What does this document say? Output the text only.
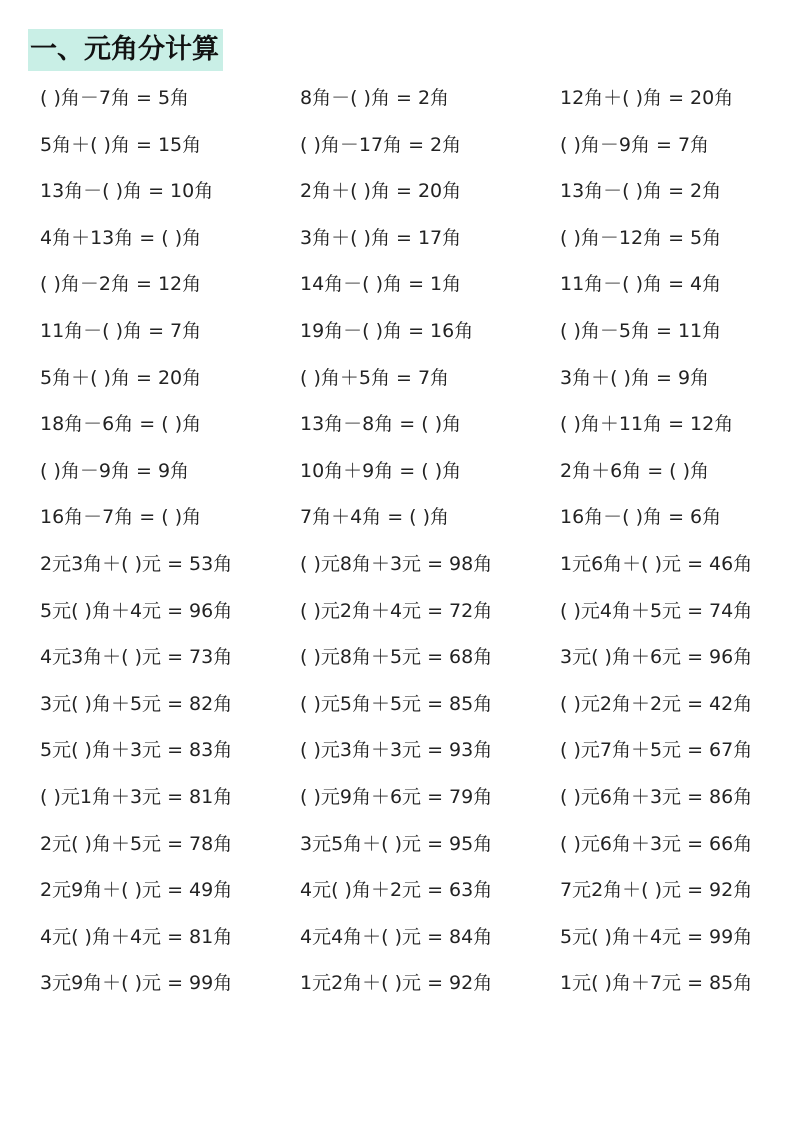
一、元角分计算
( )角－7角 = 5角	8角－( )角 = 2角	12角＋( )角 = 20角
5角＋( )角 = 15角	( )角－17角 = 2角	( )角－9角 = 7角
13角－( )角 = 10角	2角＋( )角 = 20角	13角－( )角 = 2角
4角＋13角 = ( )角	3角＋( )角 = 17角	( )角－12角 = 5角
( )角－2角 = 12角	14角－( )角 = 1角	11角－( )角 = 4角
11角－( )角 = 7角	19角－( )角 = 16角	( )角－5角 = 11角
5角＋( )角 = 20角	( )角＋5角 = 7角	3角＋( )角 = 9角
18角－6角 = ( )角	13角－8角 = ( )角	( )角＋11角 = 12角
( )角－9角 = 9角	10角＋9角 = ( )角	2角＋6角 = ( )角
16角－7角 = ( )角	7角＋4角 = ( )角	16角－( )角 = 6角
2元3角＋( )元 = 53角	( )元8角＋3元 = 98角	1元6角＋( )元 = 46角
5元( )角＋4元 = 96角	( )元2角＋4元 = 72角	( )元4角＋5元 = 74角
4元3角＋( )元 = 73角	( )元8角＋5元 = 68角	3元( )角＋6元 = 96角
3元( )角＋5元 = 82角	( )元5角＋5元 = 85角	( )元2角＋2元 = 42角
5元( )角＋3元 = 83角	( )元3角＋3元 = 93角	( )元7角＋5元 = 67角
( )元1角＋3元 = 81角	( )元9角＋6元 = 79角	( )元6角＋3元 = 86角
2元( )角＋5元 = 78角	3元5角＋( )元 = 95角	( )元6角＋3元 = 66角
2元9角＋( )元 = 49角	4元( )角＋2元 = 63角	7元2角＋( )元 = 92角
4元( )角＋4元 = 81角	4元4角＋( )元 = 84角	5元( )角＋4元 = 99角
3元9角＋( )元 = 99角	1元2角＋( )元 = 92角	1元( )角＋7元 = 85角
